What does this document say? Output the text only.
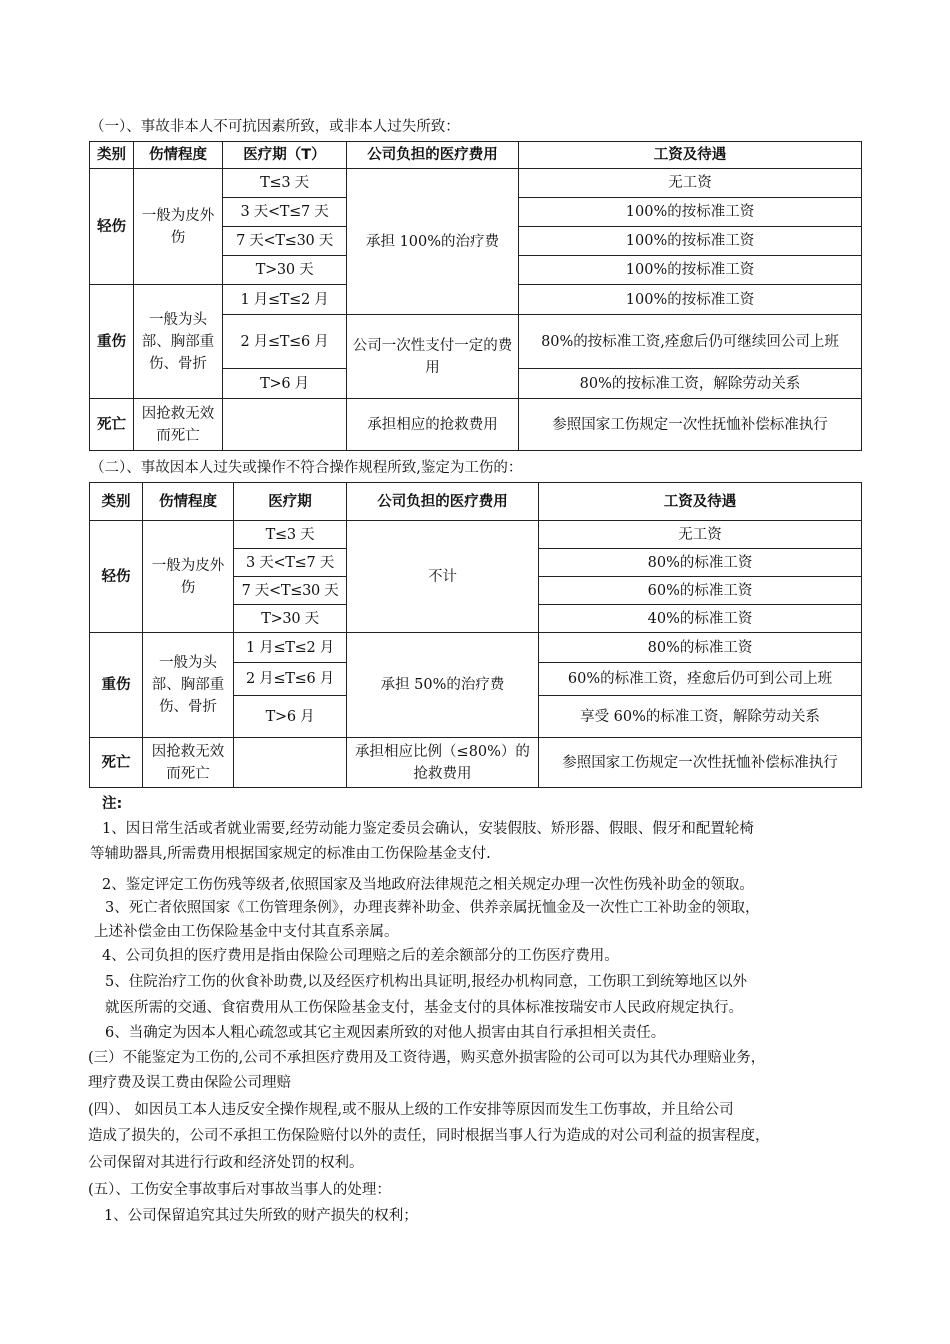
（一）、事故非本人不可抗因素所致，或非本人过失所致：
类别	伤情程度	医疗期（T）	公司负担的医疗费用	工资及待遇
轻伤	一般为皮外伤	T≤3 天	承担 100%的治疗费	无工资
		3 天<T≤7 天		100%的按标准工资
		7 天<T≤30 天		100%的按标准工资
		T>30 天		100%的按标准工资
重伤	一般为头部、胸部重伤、骨折	1 月≤T≤2 月		100%的按标准工资
		2 月≤T≤6 月	公司一次性支付一定的费用	80%的按标准工资,痊愈后仍可继续回公司上班
		T>6 月		80%的按标准工资，解除劳动关系
死亡	因抢救无效而死亡		承担相应的抢救费用	参照国家工伤规定一次性抚恤补偿标准执行
（二）、事故因本人过失或操作不符合操作规程所致,鉴定为工伤的：
类别	伤情程度	医疗期	公司负担的医疗费用	工资及待遇
轻伤	一般为皮外伤	T≤3 天	不计	无工资
		3 天<T≤7 天		80%的标准工资
		7 天<T≤30 天		60%的标准工资
		T>30 天		40%的标准工资
重伤	一般为头部、胸部重伤、骨折	1 月≤T≤2 月	承担 50%的治疗费	80%的标准工资
		2 月≤T≤6 月		60%的标准工资，痊愈后仍可到公司上班
		T>6 月		享受 60%的标准工资，解除劳动关系
死亡	因抢救无效而死亡		承担相应比例（≤80%）的抢救费用	参照国家工伤规定一次性抚恤补偿标准执行
注:
1、因日常生活或者就业需要,经劳动能力鉴定委员会确认，安装假肢、矫形器、假眼、假牙和配置轮椅
等辅助器具,所需费用根据国家规定的标准由工伤保险基金支付.
2、鉴定评定工伤伤残等级者,依照国家及当地政府法律规范之相关规定办理一次性伤残补助金的领取。
3、死亡者依照国家《工伤管理条例》，办理丧葬补助金、供养亲属抚恤金及一次性亡工补助金的领取，
上述补偿金由工伤保险基金中支付其直系亲属。
4、公司负担的医疗费用是指由保险公司理赔之后的差余额部分的工伤医疗费用。
5、住院治疗工伤的伙食补助费,以及经医疗机构出具证明,报经办机构同意，工伤职工到统筹地区以外
就医所需的交通、食宿费用从工伤保险基金支付，基金支付的具体标准按瑞安市人民政府规定执行。
6、当确定为因本人粗心疏忽或其它主观因素所致的对他人损害由其自行承担相关责任。
(三）不能鉴定为工伤的,公司不承担医疗费用及工资待遇，购买意外损害险的公司可以为其代办理赔业务，
理疗费及误工费由保险公司理赔
(四）、 如因员工本人违反安全操作规程,或不服从上级的工作安排等原因而发生工伤事故，并且给公司
造成了损失的，公司不承担工伤保险赔付以外的责任，同时根据当事人行为造成的对公司利益的损害程度，
公司保留对其进行行政和经济处罚的权利。
(五）、工伤安全事故事后对事故当事人的处理：
1、公司保留追究其过失所致的财产损失的权利；
